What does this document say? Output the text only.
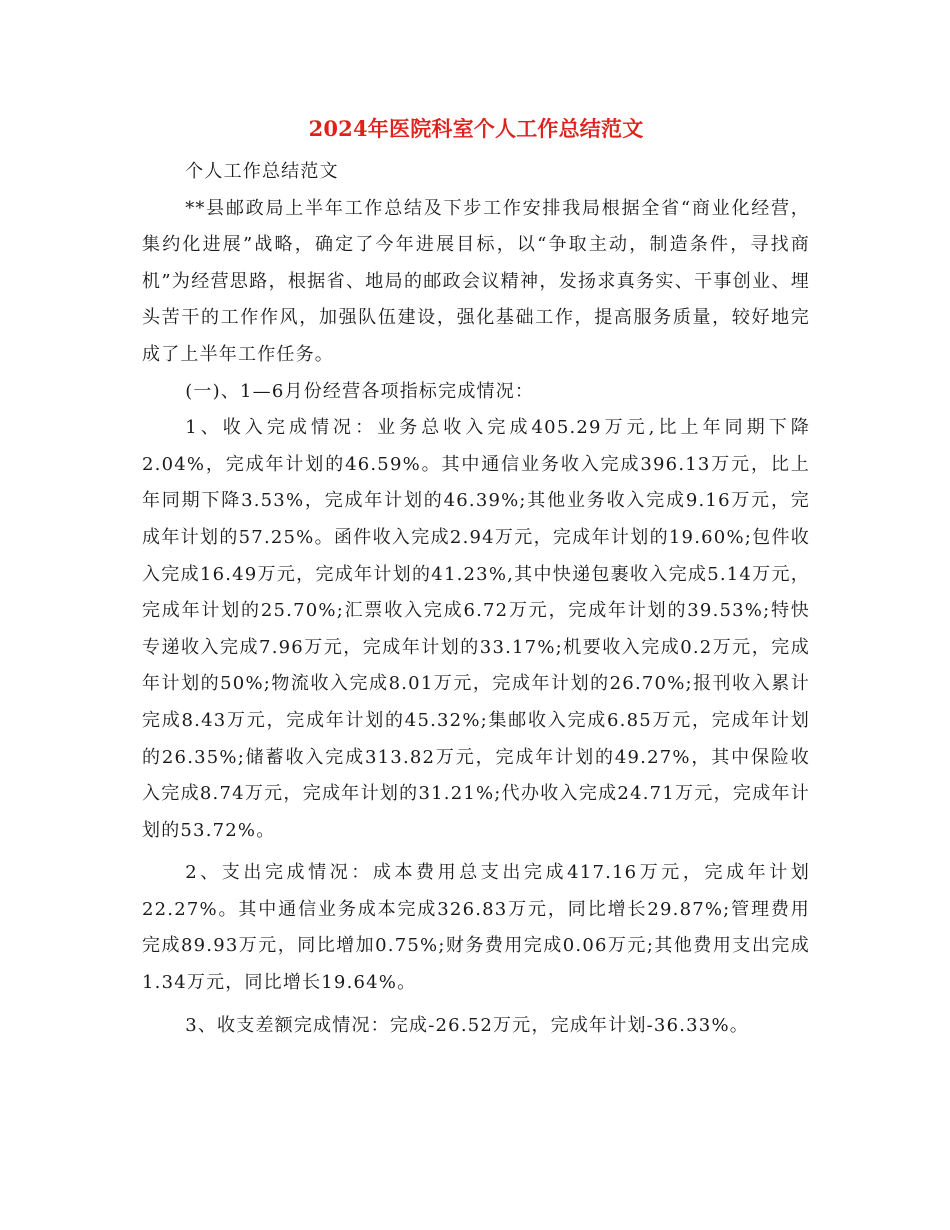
2024年医院科室个人工作总结范文

个人工作总结范文

**县邮政局上半年工作总结及下步工作安排我局根据全省“商业化经营，集约化进展”战略，确定了今年进展目标，以“争取主动，制造条件，寻找商机”为经营思路，根据省、地局的邮政会议精神，发扬求真务实、干事创业、埋头苦干的工作作风，加强队伍建设，强化基础工作，提高服务质量，较好地完成了上半年工作任务。

(一)、1—6月份经营各项指标完成情况：

1、收入完成情况：业务总收入完成405.29万元,比上年同期下降2.04%，完成年计划的46.59%。其中通信业务收入完成396.13万元，比上年同期下降3.53%，完成年计划的46.39%;其他业务收入完成9.16万元，完成年计划的57.25%。函件收入完成2.94万元，完成年计划的19.60%;包件收入完成16.49万元，完成年计划的41.23%,其中快递包裹收入完成5.14万元，完成年计划的25.70%;汇票收入完成6.72万元，完成年计划的39.53%;特快专递收入完成7.96万元，完成年计划的33.17%;机要收入完成0.2万元，完成年计划的50%;物流收入完成8.01万元，完成年计划的26.70%;报刊收入累计完成8.43万元，完成年计划的45.32%;集邮收入完成6.85万元，完成年计划的26.35%;储蓄收入完成313.82万元，完成年计划的49.27%，其中保险收入完成8.74万元，完成年计划的31.21%;代办收入完成24.71万元，完成年计划的53.72%。

2、支出完成情况：成本费用总支出完成417.16万元，完成年计划22.27%。其中通信业务成本完成326.83万元，同比增长29.87%;管理费用完成89.93万元，同比增加0.75%;财务费用完成0.06万元;其他费用支出完成1.34万元，同比增长19.64%。

3、收支差额完成情况：完成-26.52万元，完成年计划-36.33%。
